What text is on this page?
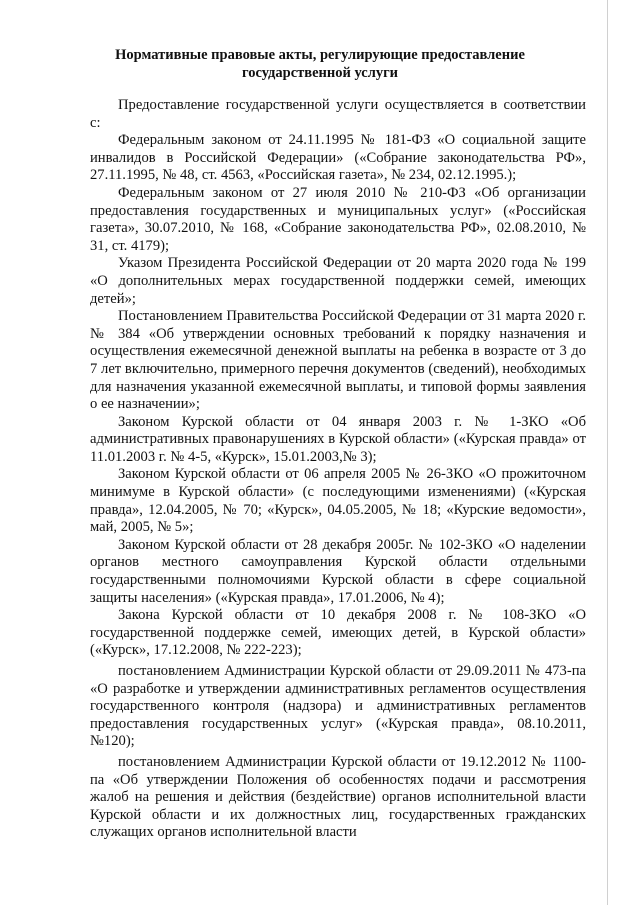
Нормативные правовые акты, регулирующие предоставление
государственной услуги

Предоставление государственной услуги осуществляется в соответствии с:

Федеральным законом от 24.11.1995 № 181-ФЗ «О социальной защите инвалидов в Российской Федерации» («Собрание законодательства РФ», 27.11.1995, № 48, ст. 4563, «Российская газета», № 234, 02.12.1995.);

Федеральным законом от 27 июля 2010 № 210-ФЗ «Об организации предоставления государственных и муниципальных услуг» («Российская газета», 30.07.2010, № 168, «Собрание законодательства РФ», 02.08.2010, № 31, ст. 4179);

Указом Президента Российской Федерации от 20 марта 2020 года № 199 «О дополнительных мерах государственной поддержки семей, имеющих детей»;

Постановлением Правительства Российской Федерации от 31 марта 2020 г. № 384 «Об утверждении основных требований к порядку назначения и осуществления ежемесячной денежной выплаты на ребенка в возрасте от 3 до 7 лет включительно, примерного перечня документов (сведений), необходимых для назначения указанной ежемесячной выплаты, и типовой формы заявления о ее назначении»;

Законом Курской области от 04 января 2003 г. № 1-ЗКО «Об административных правонарушениях в Курской области» («Курская правда» от 11.01.2003 г. № 4-5, «Курск», 15.01.2003,№ 3);

Законом Курской области от 06 апреля 2005 № 26-ЗКО «О прожиточном минимуме в Курской области» (с последующими изменениями) («Курская правда», 12.04.2005, № 70; «Курск», 04.05.2005, № 18; «Курские ведомости», май, 2005, № 5»;

Законом Курской области от 28 декабря 2005г. № 102-ЗКО «О наделении органов местного самоуправления Курской области отдельными государственными полномочиями Курской области в сфере социальной защиты населения» («Курская правда», 17.01.2006, № 4);

Закона Курской области от 10 декабря 2008 г. № 108-ЗКО «О государственной поддержке семей, имеющих детей, в Курской области» («Курск», 17.12.2008, № 222-223);

постановлением Администрации Курской области от 29.09.2011 № 473-па «О разработке и утверждении административных регламентов осуществления государственного контроля (надзора) и административных регламентов предоставления государственных услуг» («Курская правда», 08.10.2011, №120);

постановлением Администрации Курской области от 19.12.2012 № 1100-па «Об утверждении Положения об особенностях подачи и рассмотрения жалоб на решения и действия (бездействие) органов исполнительной власти Курской области и их должностных лиц, государственных гражданских служащих органов исполнительной власти
